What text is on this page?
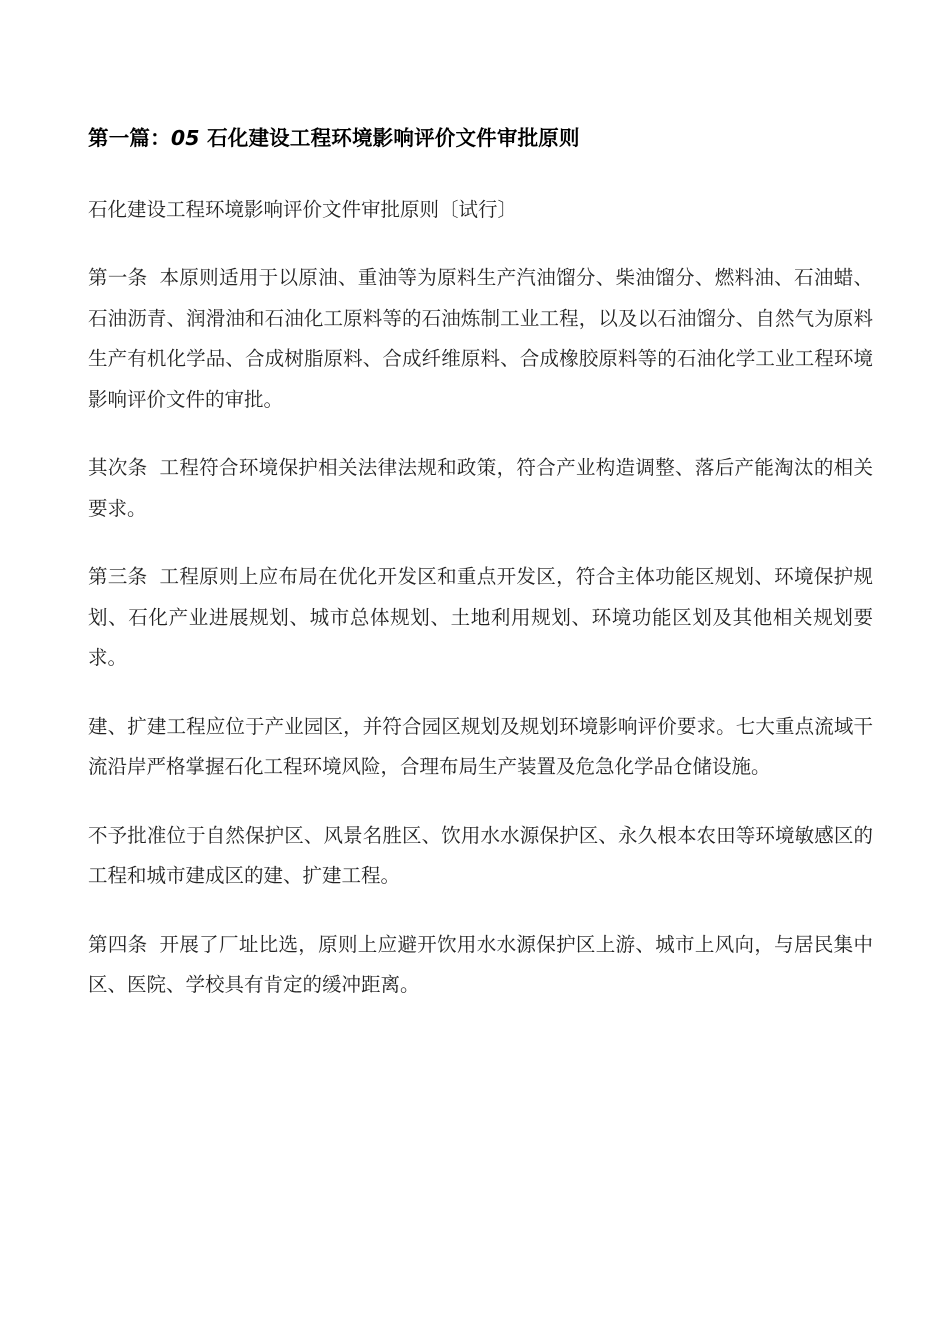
第一篇：05 石化建设工程环境影响评价文件审批原则

石化建设工程环境影响评价文件审批原则〔试行〕

第一条 本原则适用于以原油、重油等为原料生产汽油馏分、柴油馏分、燃料油、石油蜡、石油沥青、润滑油和石油化工原料等的石油炼制工业工程，以及以石油馏分、自然气为原料生产有机化学品、合成树脂原料、合成纤维原料、合成橡胶原料等的石油化学工业工程环境影响评价文件的审批。

其次条 工程符合环境保护相关法律法规和政策，符合产业构造调整、落后产能淘汰的相关要求。

第三条 工程原则上应布局在优化开发区和重点开发区，符合主体功能区规划、环境保护规划、石化产业进展规划、城市总体规划、土地利用规划、环境功能区划及其他相关规划要求。

建、扩建工程应位于产业园区，并符合园区规划及规划环境影响评价要求。七大重点流域干流沿岸严格掌握石化工程环境风险，合理布局生产装置及危急化学品仓储设施。

不予批准位于自然保护区、风景名胜区、饮用水水源保护区、永久根本农田等环境敏感区的工程和城市建成区的建、扩建工程。

第四条 开展了厂址比选，原则上应避开饮用水水源保护区上游、城市上风向，与居民集中区、医院、学校具有肯定的缓冲距离。
